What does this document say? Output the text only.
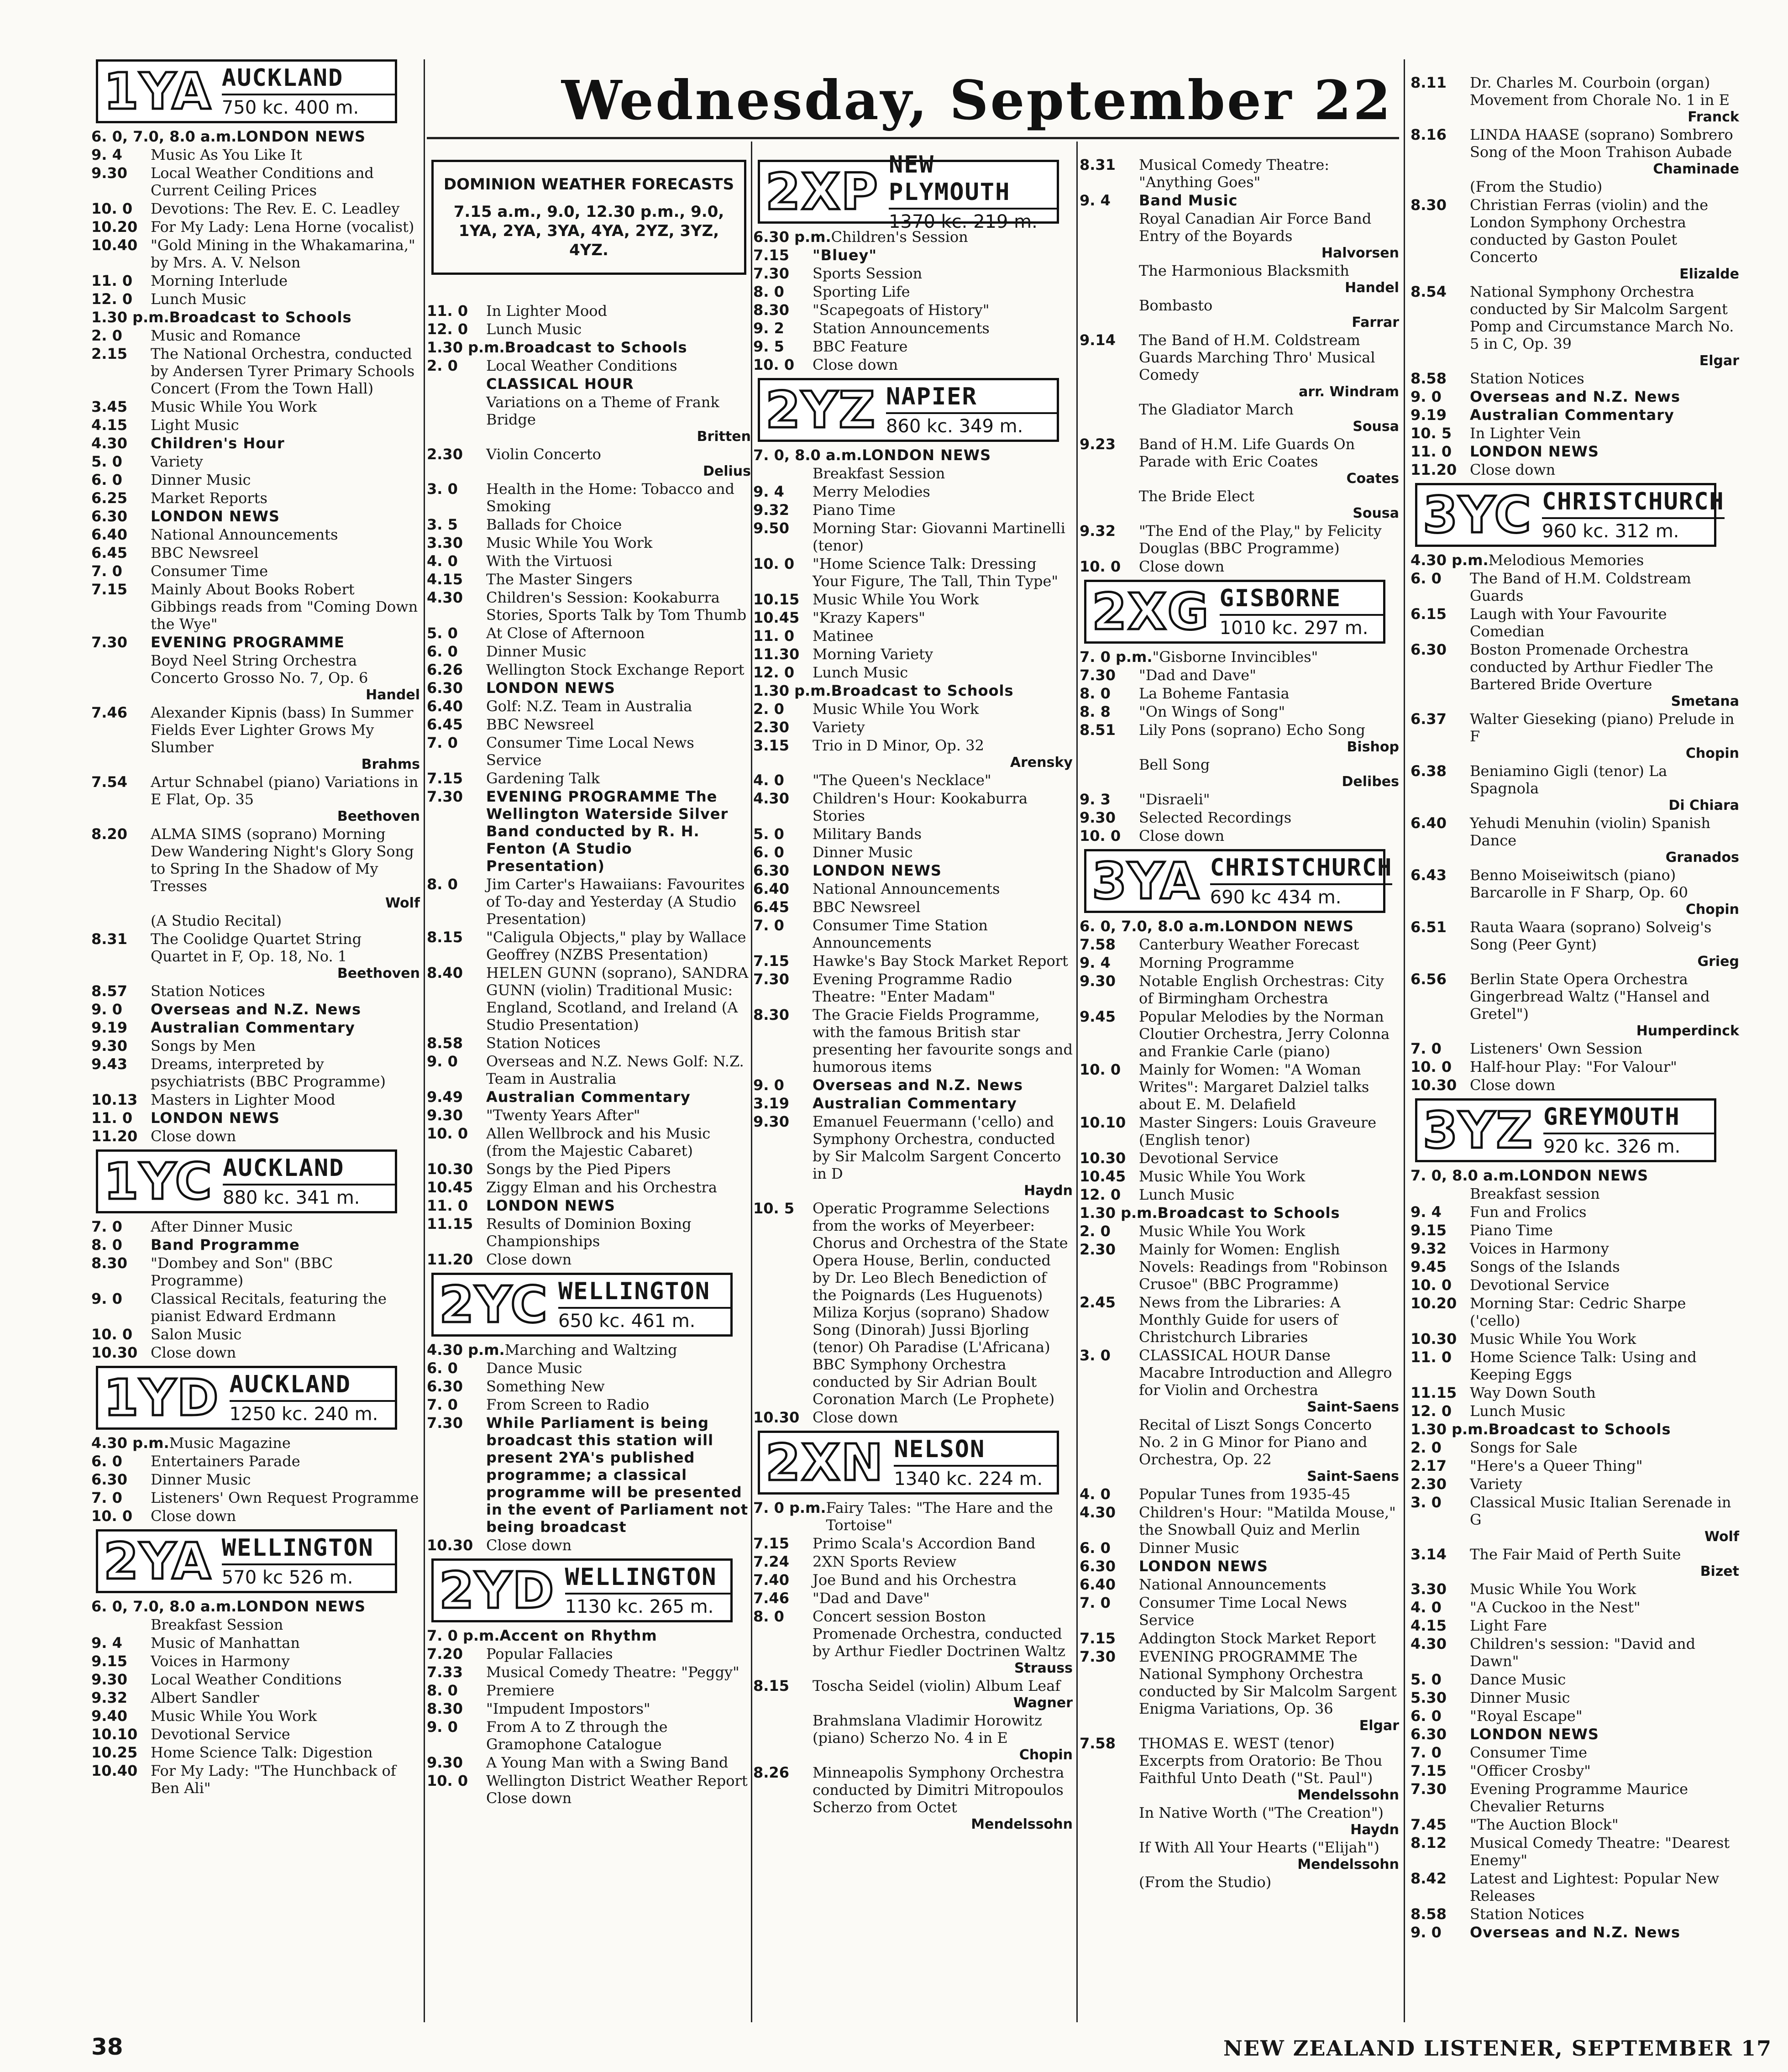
Wednesday, September 22
1YA AUCKLAND
750 kc. 400 m.
6. 0, 7.0, 8.0 a.m. LONDON NEWS
9. 4	Music As You Like It
9.30	Local Weather Conditions and Current Ceiling Prices
10. 0	Devotions: The Rev. E. C. Leadley
10.20 For My Lady: Lena Horne (vocalist)
10.40 "Gold Mining in the Whakamarina," by Mrs. A. V. Nelson
11. 0	Morning Interlude
12. 0	Lunch Music
1.30 p.m. Broadcast to Schools
2. 0	Music and Romance
2.15	The National Orchestra, conducted by Andersen Tyrer Primary Schools Concert (From the Town Hall)
3.45	Music While You Work
4.15	Light Music
4.30	Children's Hour
5. 0	Variety
6. 0	Dinner Music
6.25	Market Reports
6.30	LONDON NEWS
6.40	National Announcements
6.45	BBC Newsreel
7. 0	Consumer Time
7.15	Mainly About Books Robert Gibbings reads from "Coming Down the Wye"
7.30	EVENING PROGRAMME
Boyd Neel String Orchestra Concerto Grosso No. 7, Op. 6
Handel
7.46	Alexander Kipnis (bass) In Summer Fields Ever Lighter Grows My Slumber
Brahms
7.54	Artur Schnabel (piano) Variations in E Flat, Op. 35
Beethoven
8.20	ALMA SIMS (soprano) Morning Dew Wandering Night's Glory Song to Spring In the Shadow of My Tresses
Wolf
(A Studio Recital)
8.31	The Coolidge Quartet String Quartet in F, Op. 18, No. 1
Beethoven
8.57	Station Notices
9. 0	Overseas and N.Z. News
9.19	Australian Commentary
9.30	Songs by Men
9.43	Dreams, interpreted by psychiatrists (BBC Programme)
10.13 Masters in Lighter Mood
11. 0	LONDON NEWS
11.20 Close down
1YC AUCKLAND
880 kc. 341 m.
7. 0	After Dinner Music
8. 0	Band Programme
8.30	"Dombey and Son" (BBC Programme)
9. 0	Classical Recitals, featuring the pianist Edward Erdmann
10. 0	Salon Music
10.30 Close down
1YD AUCKLAND
1250 kc. 240 m.
4.30 p.m. Music Magazine
6. 0	Entertainers Parade
6.30	Dinner Music
7. 0	Listeners' Own Request Programme
10. 0	Close down
2YA WELLINGTON
570 kc 526 m.
6. 0, 7.0, 8.0 a.m. LONDON NEWS
Breakfast Session
9. 4	Music of Manhattan
9.15	Voices in Harmony
9.30	Local Weather Conditions
9.32	Albert Sandler
9.40	Music While You Work
10.10 Devotional Service
10.25 Home Science Talk: Digestion
10.40 For My Lady: "The Hunchback of Ben Ali"
DOMINION WEATHER FORECASTS
7.15 a.m., 9.0, 12.30 p.m., 9.0, 1YA, 2YA, 3YA, 4YA, 2YZ, 3YZ, 4YZ.
11. 0	In Lighter Mood
12. 0	Lunch Music
1.30 p.m. Broadcast to Schools
2. 0	Local Weather Conditions
CLASSICAL HOUR
Variations on a Theme of Frank Bridge
Britten
2.30	Violin Concerto
Delius
3. 0	Health in the Home: Tobacco and Smoking
3. 5	Ballads for Choice
3.30	Music While You Work
4. 0	With the Virtuosi
4.15	The Master Singers
4.30	Children's Session: Kookaburra Stories, Sports Talk by Tom Thumb
5. 0	At Close of Afternoon
6. 0	Dinner Music
6.26	Wellington Stock Exchange Report
6.30	LONDON NEWS
6.40	Golf: N.Z. Team in Australia
6.45	BBC Newsreel
7. 0	Consumer Time Local News Service
7.15	Gardening Talk
7.30	EVENING PROGRAMME The Wellington Waterside Silver Band conducted by R. H. Fenton (A Studio Presentation)
8. 0	Jim Carter's Hawaiians: Favourites of To-day and Yesterday (A Studio Presentation)
8.15	"Caligula Objects," play by Wallace Geoffrey (NZBS Presentation)
8.40	HELEN GUNN (soprano), SANDRA GUNN (violin) Traditional Music: England, Scotland, and Ireland (A Studio Presentation)
8.58	Station Notices
9. 0	Overseas and N.Z. News Golf: N.Z. Team in Australia
9.49	Australian Commentary
9.30	"Twenty Years After"
10. 0	Allen Wellbrock and his Music (from the Majestic Cabaret)
10.30 Songs by the Pied Pipers
10.45 Ziggy Elman and his Orchestra
11. 0	LONDON NEWS
11.15 Results of Dominion Boxing Championships
11.20 Close down
2YC WELLINGTON
650 kc. 461 m.
4.30 p.m. Marching and Waltzing
6. 0	Dance Music
6.30	Something New
7. 0	From Screen to Radio
7.30	While Parliament is being broadcast this station will present 2YA's published programme; a classical programme will be presented in the event of Parliament not being broadcast
10.30 Close down
2YD WELLINGTON
1130 kc. 265 m.
7. 0 p.m. Accent on Rhythm
7.20	Popular Fallacies
7.33	Musical Comedy Theatre: "Peggy"
8. 0	Premiere
8.30	"Impudent Impostors"
9. 0	From A to Z through the Gramophone Catalogue
9.30	A Young Man with a Swing Band
10. 0	Wellington District Weather Report Close down
2XP NEW PLYMOUTH
1370 kc. 219 m.
6.30 p.m. Children's Session
7.15	"Bluey"
7.30	Sports Session
8. 0	Sporting Life
8.30	"Scapegoats of History"
9. 2	Station Announcements
9. 5	BBC Feature
10. 0	Close down
2YZ NAPIER
860 kc. 349 m.
7. 0, 8.0 a.m. LONDON NEWS
Breakfast Session
9. 4	Merry Melodies
9.32	Piano Time
9.50	Morning Star: Giovanni Martinelli (tenor)
10. 0	"Home Science Talk: Dressing Your Figure, The Tall, Thin Type"
10.15 Music While You Work
10.45 "Krazy Kapers"
11. 0	Matinee
11.30 Morning Variety
12. 0	Lunch Music
1.30 p.m. Broadcast to Schools
2. 0	Music While You Work
2.30	Variety
3.15	Trio in D Minor, Op. 32
Arensky
4. 0	"The Queen's Necklace"
4.30	Children's Hour: Kookaburra Stories
5. 0	Military Bands
6. 0	Dinner Music
6.30	LONDON NEWS
6.40	National Announcements
6.45	BBC Newsreel
7. 0	Consumer Time Station Announcements
7.15	Hawke's Bay Stock Market Report
7.30	Evening Programme Radio Theatre: "Enter Madam"
8.30	The Gracie Fields Programme, with the famous British star presenting her favourite songs and humorous items
9. 0	Overseas and N.Z. News
3.19	Australian Commentary
9.30	Emanuel Feuermann ('cello) and Symphony Orchestra, conducted by Sir Malcolm Sargent Concerto in D
Haydn
10. 5	Operatic Programme Selections from the works of Meyerbeer: Chorus and Orchestra of the State Opera House, Berlin, conducted by Dr. Leo Blech Benediction of the Poignards (Les Huguenots) Miliza Korjus (soprano) Shadow Song (Dinorah) Jussi Bjorling (tenor) Oh Paradise (L'Africana) BBC Symphony Orchestra conducted by Sir Adrian Boult Coronation March (Le Prophete)
10.30 Close down
2XN NELSON
1340 kc. 224 m.
7. 0 p.m. Fairy Tales: "The Hare and the Tortoise"
7.15	Primo Scala's Accordion Band
7.24	2XN Sports Review
7.40	Joe Bund and his Orchestra
7.46	"Dad and Dave"
8. 0	Concert session Boston Promenade Orchestra, conducted by Arthur Fiedler Doctrinen Waltz
Strauss
8.15	Toscha Seidel (violin) Album Leaf
Wagner
Brahmslana Vladimir Horowitz (piano) Scherzo No. 4 in E
Chopin
8.26	Minneapolis Symphony Orchestra conducted by Dimitri Mitropoulos Scherzo from Octet
Mendelssohn
8.31	Musical Comedy Theatre: "Anything Goes"
9. 4	Band Music
Royal Canadian Air Force Band Entry of the Boyards
Halvorsen
The Harmonious Blacksmith
Handel
Bombasto
Farrar
9.14	The Band of H.M. Coldstream Guards Marching Thro' Musical Comedy
arr. Windram
The Gladiator March
Sousa
9.23	Band of H.M. Life Guards On Parade with Eric Coates
Coates
The Bride Elect
Sousa
9.32	"The End of the Play," by Felicity Douglas (BBC Programme)
10. 0	Close down
2XG GISBORNE
1010 kc. 297 m.
7. 0 p.m. "Gisborne Invincibles"
7.30	"Dad and Dave"
8. 0	La Boheme Fantasia
8. 8	"On Wings of Song"
8.51	Lily Pons (soprano) Echo Song
Bishop
Bell Song
Delibes
9. 3	"Disraeli"
9.30	Selected Recordings
10. 0	Close down
3YA CHRISTCHURCH
690 kc 434 m.
6. 0, 7.0, 8.0 a.m. LONDON NEWS
7.58	Canterbury Weather Forecast
9. 4	Morning Programme
9.30	Notable English Orchestras: City of Birmingham Orchestra
9.45	Popular Melodies by the Norman Cloutier Orchestra, Jerry Colonna and Frankie Carle (piano)
10. 0	Mainly for Women: "A Woman Writes": Margaret Dalziel talks about E. M. Delafield
10.10 Master Singers: Louis Graveure (English tenor)
10.30 Devotional Service
10.45 Music While You Work
12. 0	Lunch Music
1.30 p.m. Broadcast to Schools
2. 0	Music While You Work
2.30	Mainly for Women: English Novels: Readings from "Robinson Crusoe" (BBC Programme)
2.45	News from the Libraries: A Monthly Guide for users of Christchurch Libraries
3. 0	CLASSICAL HOUR Danse Macabre Introduction and Allegro for Violin and Orchestra
Saint-Saens
Recital of Liszt Songs Concerto No. 2 in G Minor for Piano and Orchestra, Op. 22
Saint-Saens
4. 0	Popular Tunes from 1935-45
4.30	Children's Hour: "Matilda Mouse," the Snowball Quiz and Merlin
6. 0	Dinner Music
6.30	LONDON NEWS
6.40	National Announcements
7. 0	Consumer Time Local News Service
7.15	Addington Stock Market Report
7.30	EVENING PROGRAMME The National Symphony Orchestra conducted by Sir Malcolm Sargent Enigma Variations, Op. 36
Elgar
7.58	THOMAS E. WEST (tenor) Excerpts from Oratorio: Be Thou Faithful Unto Death ("St. Paul")
Mendelssohn
In Native Worth ("The Creation")
Haydn
If With All Your Hearts ("Elijah")
Mendelssohn
(From the Studio)
8.11	Dr. Charles M. Courboin (organ) Movement from Chorale No. 1 in E
Franck
8.16	LINDA HAASE (soprano) Sombrero Song of the Moon Trahison Aubade
Chaminade
(From the Studio)
8.30	Christian Ferras (violin) and the London Symphony Orchestra conducted by Gaston Poulet Concerto
Elizalde
8.54	National Symphony Orchestra conducted by Sir Malcolm Sargent Pomp and Circumstance March No. 5 in C, Op. 39
Elgar
8.58	Station Notices
9. 0	Overseas and N.Z. News
9.19	Australian Commentary
10. 5	In Lighter Vein
11. 0	LONDON NEWS
11.20 Close down
3YC CHRISTCHURCH
960 kc. 312 m.
4.30 p.m. Melodious Memories
6. 0	The Band of H.M. Coldstream Guards
6.15	Laugh with Your Favourite Comedian
6.30	Boston Promenade Orchestra conducted by Arthur Fiedler The Bartered Bride Overture
Smetana
6.37	Walter Gieseking (piano) Prelude in F
Chopin
6.38	Beniamino Gigli (tenor) La Spagnola
Di Chiara
6.40	Yehudi Menuhin (violin) Spanish Dance
Granados
6.43	Benno Moiseiwitsch (piano) Barcarolle in F Sharp, Op. 60
Chopin
6.51	Rauta Waara (soprano) Solveig's Song (Peer Gynt)
Grieg
6.56	Berlin State Opera Orchestra Gingerbread Waltz ("Hansel and Gretel")
Humperdinck
7. 0	Listeners' Own Session
10. 0	Half-hour Play: "For Valour"
10.30 Close down
3YZ GREYMOUTH
920 kc. 326 m.
7. 0, 8.0 a.m. LONDON NEWS
Breakfast session
9. 4	Fun and Frolics
9.15	Piano Time
9.32	Voices in Harmony
9.45	Songs of the Islands
10. 0	Devotional Service
10.20 Morning Star: Cedric Sharpe ('cello)
10.30 Music While You Work
11. 0	Home Science Talk: Using and Keeping Eggs
11.15 Way Down South
12. 0	Lunch Music
1.30 p.m. Broadcast to Schools
2. 0	Songs for Sale
2.17	"Here's a Queer Thing"
2.30	Variety
3. 0	Classical Music Italian Serenade in G
Wolf
3.14	The Fair Maid of Perth Suite
Bizet
3.30	Music While You Work
4. 0	"A Cuckoo in the Nest"
4.15	Light Fare
4.30	Children's session: "David and Dawn"
5. 0	Dance Music
5.30	Dinner Music
6. 0	"Royal Escape"
6.30	LONDON NEWS
7. 0	Consumer Time
7.15	"Officer Crosby"
7.30	Evening Programme Maurice Chevalier Returns
7.45	"The Auction Block"
8.12	Musical Comedy Theatre: "Dearest Enemy"
8.42	Latest and Lightest: Popular New Releases
8.58	Station Notices
9. 0	Overseas and N.Z. News
38	NEW ZEALAND LISTENER, SEPTEMBER 17
